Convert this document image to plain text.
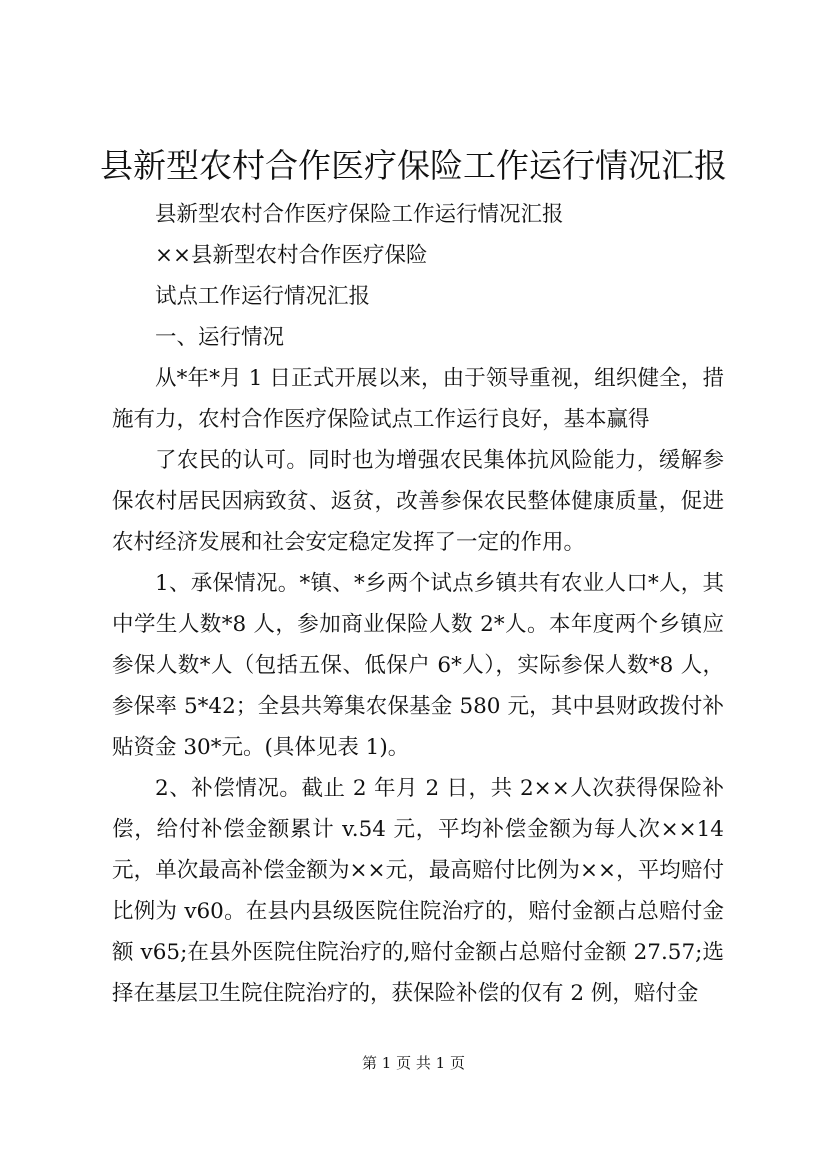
县新型农村合作医疗保险工作运行情况汇报

县新型农村合作医疗保险工作运行情况汇报

××县新型农村合作医疗保险

试点工作运行情况汇报

一、运行情况

从*年*月 1 日正式开展以来，由于领导重视，组织健全，措施有力，农村合作医疗保险试点工作运行良好，基本赢得

了农民的认可。同时也为增强农民集体抗风险能力，缓解参保农村居民因病致贫、返贫，改善参保农民整体健康质量，促进农村经济发展和社会安定稳定发挥了一定的作用。

1、承保情况。*镇、*乡两个试点乡镇共有农业人口*人，其中学生人数*8 人，参加商业保险人数 2*人。本年度两个乡镇应参保人数*人（包括五保、低保户 6*人），实际参保人数*8 人，参保率 5*42；全县共筹集农保基金 580 元，其中县财政拨付补贴资金 30*元。(具体见表 1)。

2、补偿情况。截止 2 年月 2 日，共 2××人次获得保险补偿，给付补偿金额累计 v.54 元，平均补偿金额为每人次××14 元，单次最高补偿金额为××元，最高赔付比例为××，平均赔付比例为 v60。在县内县级医院住院治疗的，赔付金额占总赔付金额 v65;在县外医院住院治疗的,赔付金额占总赔付金额 27.57;选择在基层卫生院住院治疗的，获保险补偿的仅有 2 例，赔付金

第 1 页 共 1 页
